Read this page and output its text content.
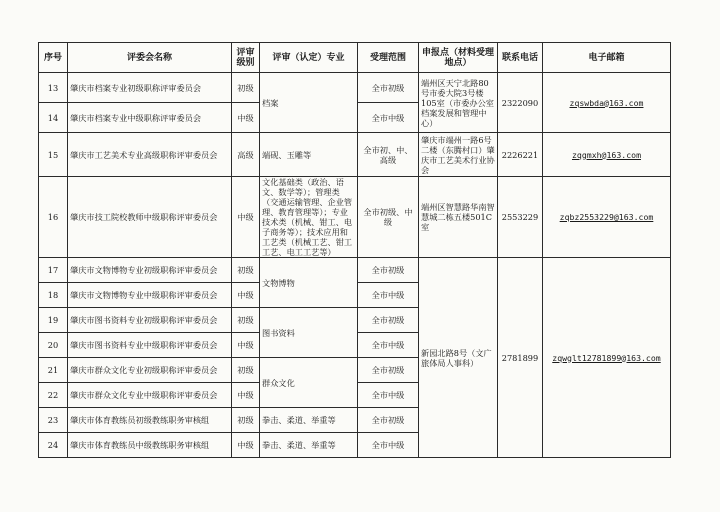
序号	评委会名称	评审级别	评审（认定）专业	受理范围	申报点（材料受理地点）	联系电话	电子邮箱
13	肇庆市档案专业初级职称评审委员会	初级	档案	全市初级	端州区天宁北路80号市委大院3号楼105室（市委办公室档案发展和管理中心）	2322090	zqswbda@163.com
14	肇庆市档案专业中级职称评审委员会	中级		全市中级			
15	肇庆市工艺美术专业高级职称评审委员会	高级	端砚、玉雕等	全市初、中、高级	肇庆市端州一路6号二楼（东腾村口）肇庆市工艺美术行业协会	2226221	zqgmxh@163.com
16	肇庆市技工院校教师中级职称评审委员会	中级	文化基础类（政治、语文、数学等）；管理类（交通运输管理、企业管理、教育管理等）；专业技术类（机械、钳工、电子商务等）；技术应用和工艺类（机械工艺、钳工工艺、电工工艺等）	全市初级、中级	端州区智慧路华南智慧城二栋五楼501C室	2553229	zqbz2553229@163.com
17	肇庆市文物博物专业初级职称评审委员会	初级	文物博物	全市初级	新园北路8号（文广旅体局人事科）	2781899	zqwglt12781899@163.com
18	肇庆市文物博物专业中级职称评审委员会	中级		全市中级			
19	肇庆市图书资料专业初级职称评审委员会	初级	图书资料	全市初级			
20	肇庆市图书资料专业中级职称评审委员会	中级		全市中级			
21	肇庆市群众文化专业初级职称评审委员会	初级	群众文化	全市初级			
22	肇庆市群众文化专业中级职称评审委员会	中级		全市中级			
23	肇庆市体育教练员初级教练职务审核组	初级	拳击、柔道、举重等	全市初级			
24	肇庆市体育教练员中级教练职务审核组	中级	拳击、柔道、举重等	全市中级			
